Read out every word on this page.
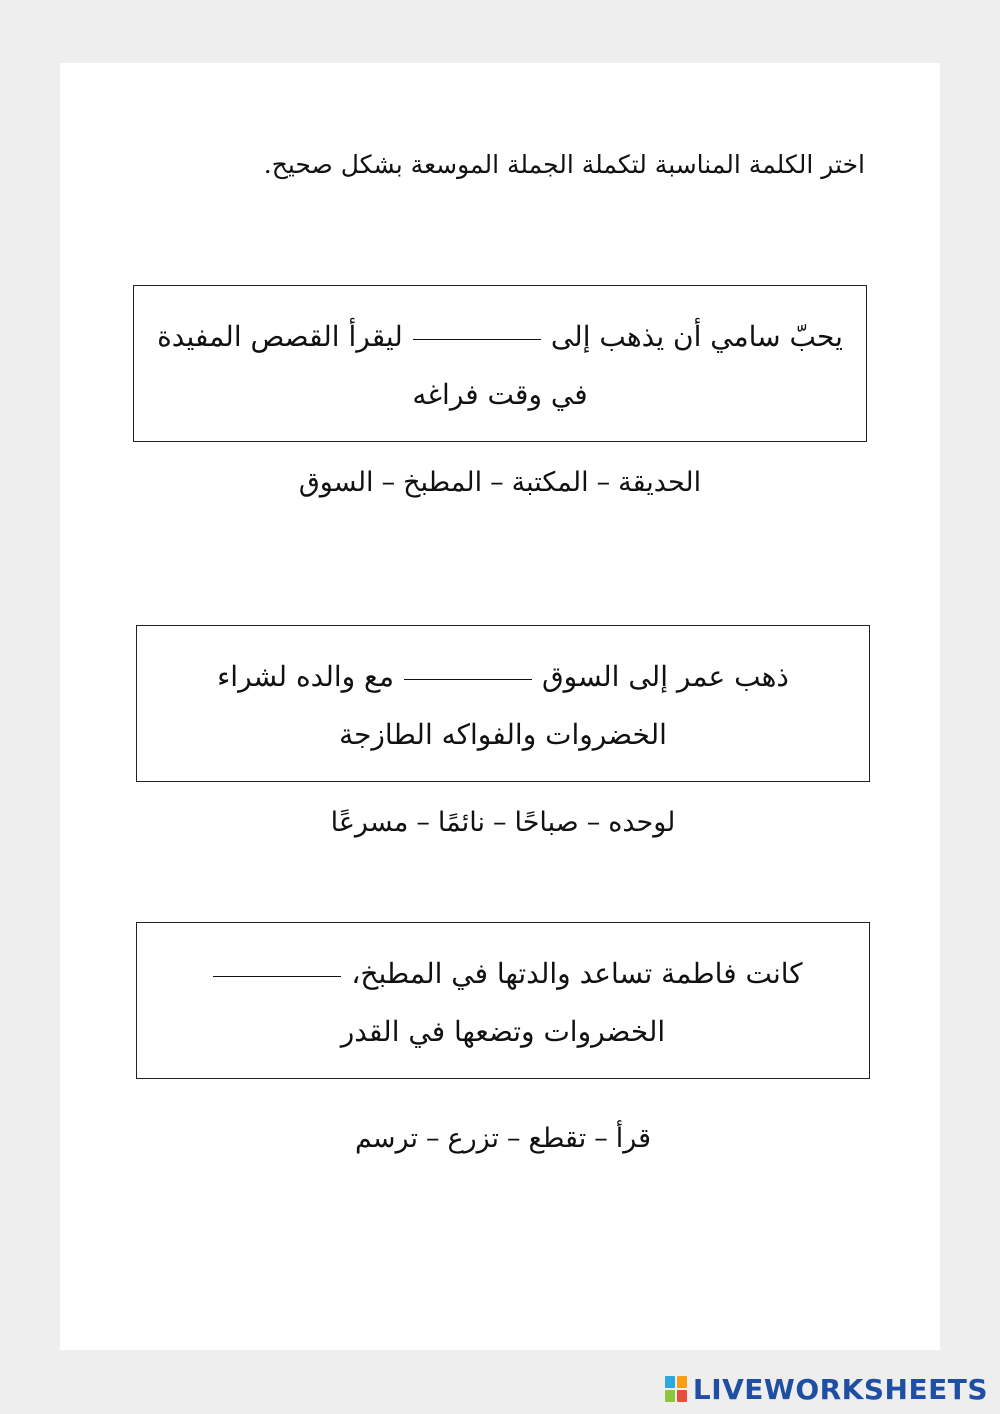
اختر الكلمة المناسبة لتكملة الجملة الموسعة بشكل صحيح.
يحبّ سامي أن يذهب إلىليقرأ القصص المفيدة
في وقت فراغه
الحديقة–المكتبة–المطبخ–السوق
ذهب عمر إلى السوقمع والده لشراء
الخضروات والفواكه الطازجة
لوحده–صباحًا–نائمًا–مسرعًا
كانت فاطمة تساعد والدتها في المطبخ،
الخضروات وتضعها في القدر
قرأ–تقطع–تزرع–ترسم
LIVEWORKSHEETS
